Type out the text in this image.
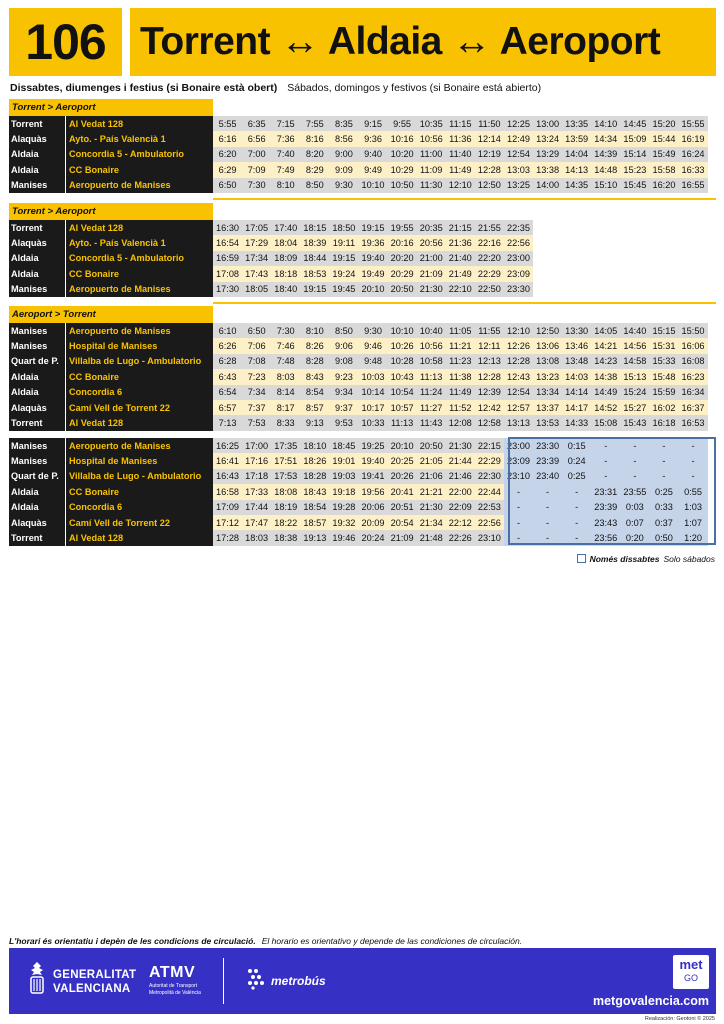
106 Torrent ↔ Aldaia ↔ Aeroport
Dissabtes, diumenges i festius (si Bonaire està obert) Sábados, domingos y festivos (si Bonaire está abierto)
Torrent > Aeroport
Torrent	Al Vedat 128	5:55	6:35	7:15	7:55	8:35	9:15	9:55	10:35	11:15	11:50	12:25	13:00	13:35	14:10	14:45	15:20	15:55
Alaquàs	Ayto. - País Valencià 1	6:16	6:56	7:36	8:16	8:56	9:36	10:16	10:56	11:36	12:14	12:49	13:24	13:59	14:34	15:09	15:44	16:19
Aldaia	Concordia 5 - Ambulatorio	6:20	7:00	7:40	8:20	9:00	9:40	10:20	11:00	11:40	12:19	12:54	13:29	14:04	14:39	15:14	15:49	16:24
Aldaia	CC Bonaire	6:29	7:09	7:49	8:29	9:09	9:49	10:29	11:09	11:49	12:28	13:03	13:38	14:13	14:48	15:23	15:58	16:33
Manises	Aeropuerto de Manises	6:50	7:30	8:10	8:50	9:30	10:10	10:50	11:30	12:10	12:50	13:25	14:00	14:35	15:10	15:45	16:20	16:55
Torrent > Aeroport
Torrent	Al Vedat 128	16:30	17:05	17:40	18:15	18:50	19:15	19:55	20:35	21:15	21:55	22:35
Alaquàs	Ayto. - País Valencià 1	16:54	17:29	18:04	18:39	19:11	19:36	20:16	20:56	21:36	22:16	22:56
Aldaia	Concordia 5 - Ambulatorio	16:59	17:34	18:09	18:44	19:15	19:40	20:20	21:00	21:40	22:20	23:00
Aldaia	CC Bonaire	17:08	17:43	18:18	18:53	19:24	19:49	20:29	21:09	21:49	22:29	23:09
Manises	Aeropuerto de Manises	17:30	18:05	18:40	19:15	19:45	20:10	20:50	21:30	22:10	22:50	23:30
Aeroport > Torrent
Manises	Aeropuerto de Manises	6:10	6:50	7:30	8:10	8:50	9:30	10:10	10:40	11:05	11:55	12:10	12:50	13:30	14:05	14:40	15:15	15:50
Manises	Hospital de Manises	6:26	7:06	7:46	8:26	9:06	9:46	10:26	10:56	11:21	12:11	12:26	13:06	13:46	14:21	14:56	15:31	16:06
Quart de P.	Villalba de Lugo - Ambulatorio	6:28	7:08	7:48	8:28	9:08	9:48	10:28	10:58	11:23	12:13	12:28	13:08	13:48	14:23	14:58	15:33	16:08
Aldaia	CC Bonaire	6:43	7:23	8:03	8:43	9:23	10:03	10:43	11:13	11:38	12:28	12:43	13:23	14:03	14:38	15:13	15:48	16:23
Aldaia	Concordia 6	6:54	7:34	8:14	8:54	9:34	10:14	10:54	11:24	11:49	12:39	12:54	13:34	14:14	14:49	15:24	15:59	16:34
Alaquàs	Camí Vell de Torrent 22	6:57	7:37	8:17	8:57	9:37	10:17	10:57	11:27	11:52	12:42	12:57	13:37	14:17	14:52	15:27	16:02	16:37
Torrent	Al Vedat 128	7:13	7:53	8:33	9:13	9:53	10:33	11:13	11:43	12:08	12:58	13:13	13:53	14:33	15:08	15:43	16:18	16:53
Manises	Aeropuerto de Manises	16:25	17:00	17:35	18:10	18:45	19:25	20:10	20:50	21:30	22:15	23:00	23:30	0:15	-	-	-	-
Manises	Hospital de Manises	16:41	17:16	17:51	18:26	19:01	19:40	20:25	21:05	21:44	22:29	23:09	23:39	0:24	-	-	-	-
Quart de P.	Villalba de Lugo - Ambulatorio	16:43	17:18	17:53	18:28	19:03	19:41	20:26	21:06	21:46	22:30	23:10	23:40	0:25	-	-	-	-
Aldaia	CC Bonaire	16:58	17:33	18:08	18:43	19:18	19:56	20:41	21:21	22:00	22:44	-	-	-	23:31	23:55	0:25	0:55
Aldaia	Concordia 6	17:09	17:44	18:19	18:54	19:28	20:06	20:51	21:30	22:09	22:53	-	-	-	23:39	0:03	0:33	1:03
Alaquàs	Camí Vell de Torrent 22	17:12	17:47	18:22	18:57	19:32	20:09	20:54	21:34	22:12	22:56	-	-	-	23:43	0:07	0:37	1:07
Torrent	Al Vedat 128	17:28	18:03	18:38	19:13	19:46	20:24	21:09	21:48	22:26	23:10	-	-	-	23:56	0:20	0:50	1:20
Només dissabtes Solo sábados
L'horari és orientatiu i depèn de les condicions de circulació. El horario es orientativo y depende de las condiciones de circulación.
GENERALITAT
VALENCIANA
ATMV
Autoritat de Transport
Metropolità de València
metrobús
met
GO
metgovalencia.com
Realización: Geotoni © 2025
